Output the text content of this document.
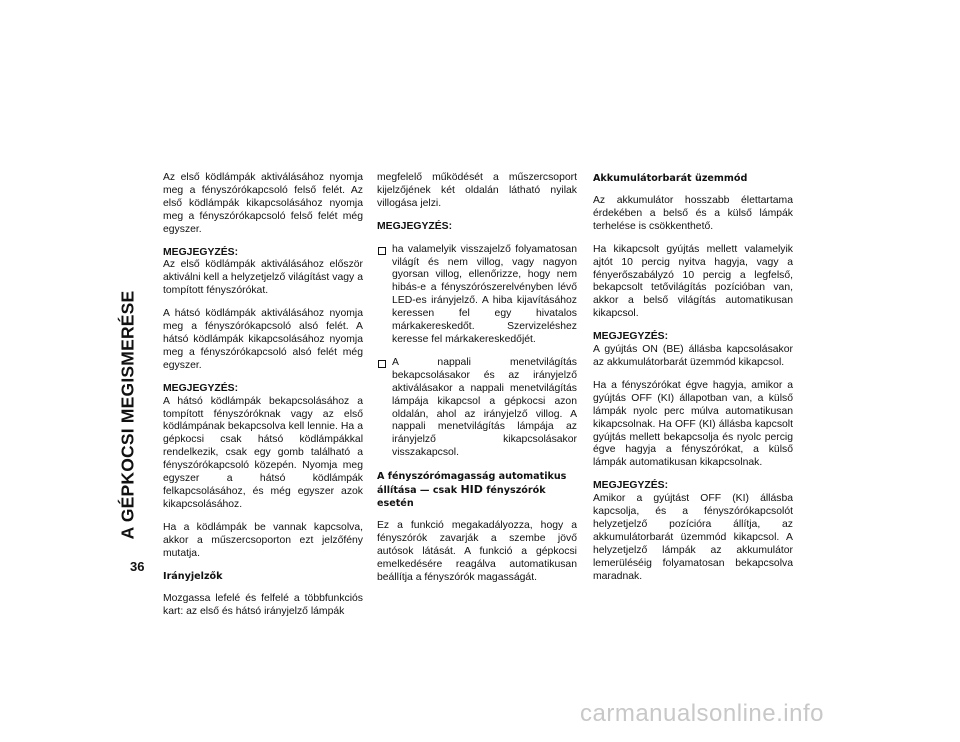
A GÉPKOCSI MEGISMERÉSE
36

Az első ködlámpák aktiválásához nyomja meg a fényszórókapcsoló felső felét. Az első ködlámpák kikapcsolásához nyomja meg a fényszórókapcsoló felső felét még egyszer.

MEGJEGYZÉS:

Az első ködlámpák aktiválásához először aktiválni kell a helyzetjelző világítást vagy a tompított fényszórókat.

A hátsó ködlámpák aktiválásához nyomja meg a fényszórókapcsoló alsó felét. A hátsó ködlámpák kikapcsolásához nyomja meg a fényszórókapcsoló alsó felét még egyszer.

MEGJEGYZÉS:

A hátsó ködlámpák bekapcsolásához a tompított fényszóróknak vagy az első ködlámpának bekapcsolva kell lennie. Ha a gépkocsi csak hátsó ködlámpákkal rendelkezik, csak egy gomb található a fényszórókapcsoló közepén. Nyomja meg egyszer a hátsó ködlámpák felkapcsolásához, és még egyszer azok kikapcsolásához.

Ha a ködlámpák be vannak kapcsolva, akkor a műszercsoporton ezt jelzőfény mutatja.

Irányjelzők

Mozgassa lefelé és felfelé a többfunkciós kart: az első és hátsó irányjelző lámpák

megfelelő működését a műszercsoport kijelzőjének két oldalán látható nyilak villogása jelzi.

MEGJEGYZÉS:

ha valamelyik visszajelző folyamatosan világít és nem villog, vagy nagyon gyorsan villog, ellenőrizze, hogy nem hibás-e a fényszórószerelvényben lévő LED-es irányjelző. A hiba kijavításához keressen fel egy hivatalos márkakereskedőt. Szervizeléshez keresse fel márkakereskedőjét.
A nappali menetvilágítás bekapcsolásakor és az irányjelző aktiválásakor a nappali menetvilágítás lámpája kikapcsol a gépkocsi azon oldalán, ahol az irányjelző villog. A nappali menetvilágítás lámpája az irányjelző kikapcsolásakor visszakapcsol.
A fényszórómagasság automatikus állítása — csak HID fényszórók esetén

Ez a funkció megakadályozza, hogy a fényszórók zavarják a szembe jövő autósok látását. A funkció a gépkocsi emelkedésére reagálva automatikusan beállítja a fényszórók magasságát.

Akkumulátorbarát üzemmód

Az akkumulátor hosszabb élettartama érdekében a belső és a külső lámpák terhelése is csökkenthető.

Ha kikapcsolt gyújtás mellett valamelyik ajtót 10 percig nyitva hagyja, vagy a fényerőszabályzó 10 percig a legfelső, bekapcsolt tetővilágítás pozícióban van, akkor a belső világítás automatikusan kikapcsol.

MEGJEGYZÉS:

A gyújtás ON (BE) állásba kapcsolásakor az akkumulátorbarát üzemmód kikapcsol.

Ha a fényszórókat égve hagyja, amikor a gyújtás OFF (KI) állapotban van, a külső lámpák nyolc perc múlva automatikusan kikapcsolnak. Ha OFF (KI) állásba kapcsolt gyújtás mellett bekapcsolja és nyolc percig égve hagyja a fényszórókat, a külső lámpák automatikusan kikapcsolnak.

MEGJEGYZÉS:

Amikor a gyújtást OFF (KI) állásba kapcsolja, és a fényszórókapcsolót helyzetjelző pozícióra állítja, az akkumulátorbarát üzemmód kikapcsol. A helyzetjelző lámpák az akkumulátor lemerüléséig folyamatosan bekapcsolva maradnak.

carmanualsonline.info
